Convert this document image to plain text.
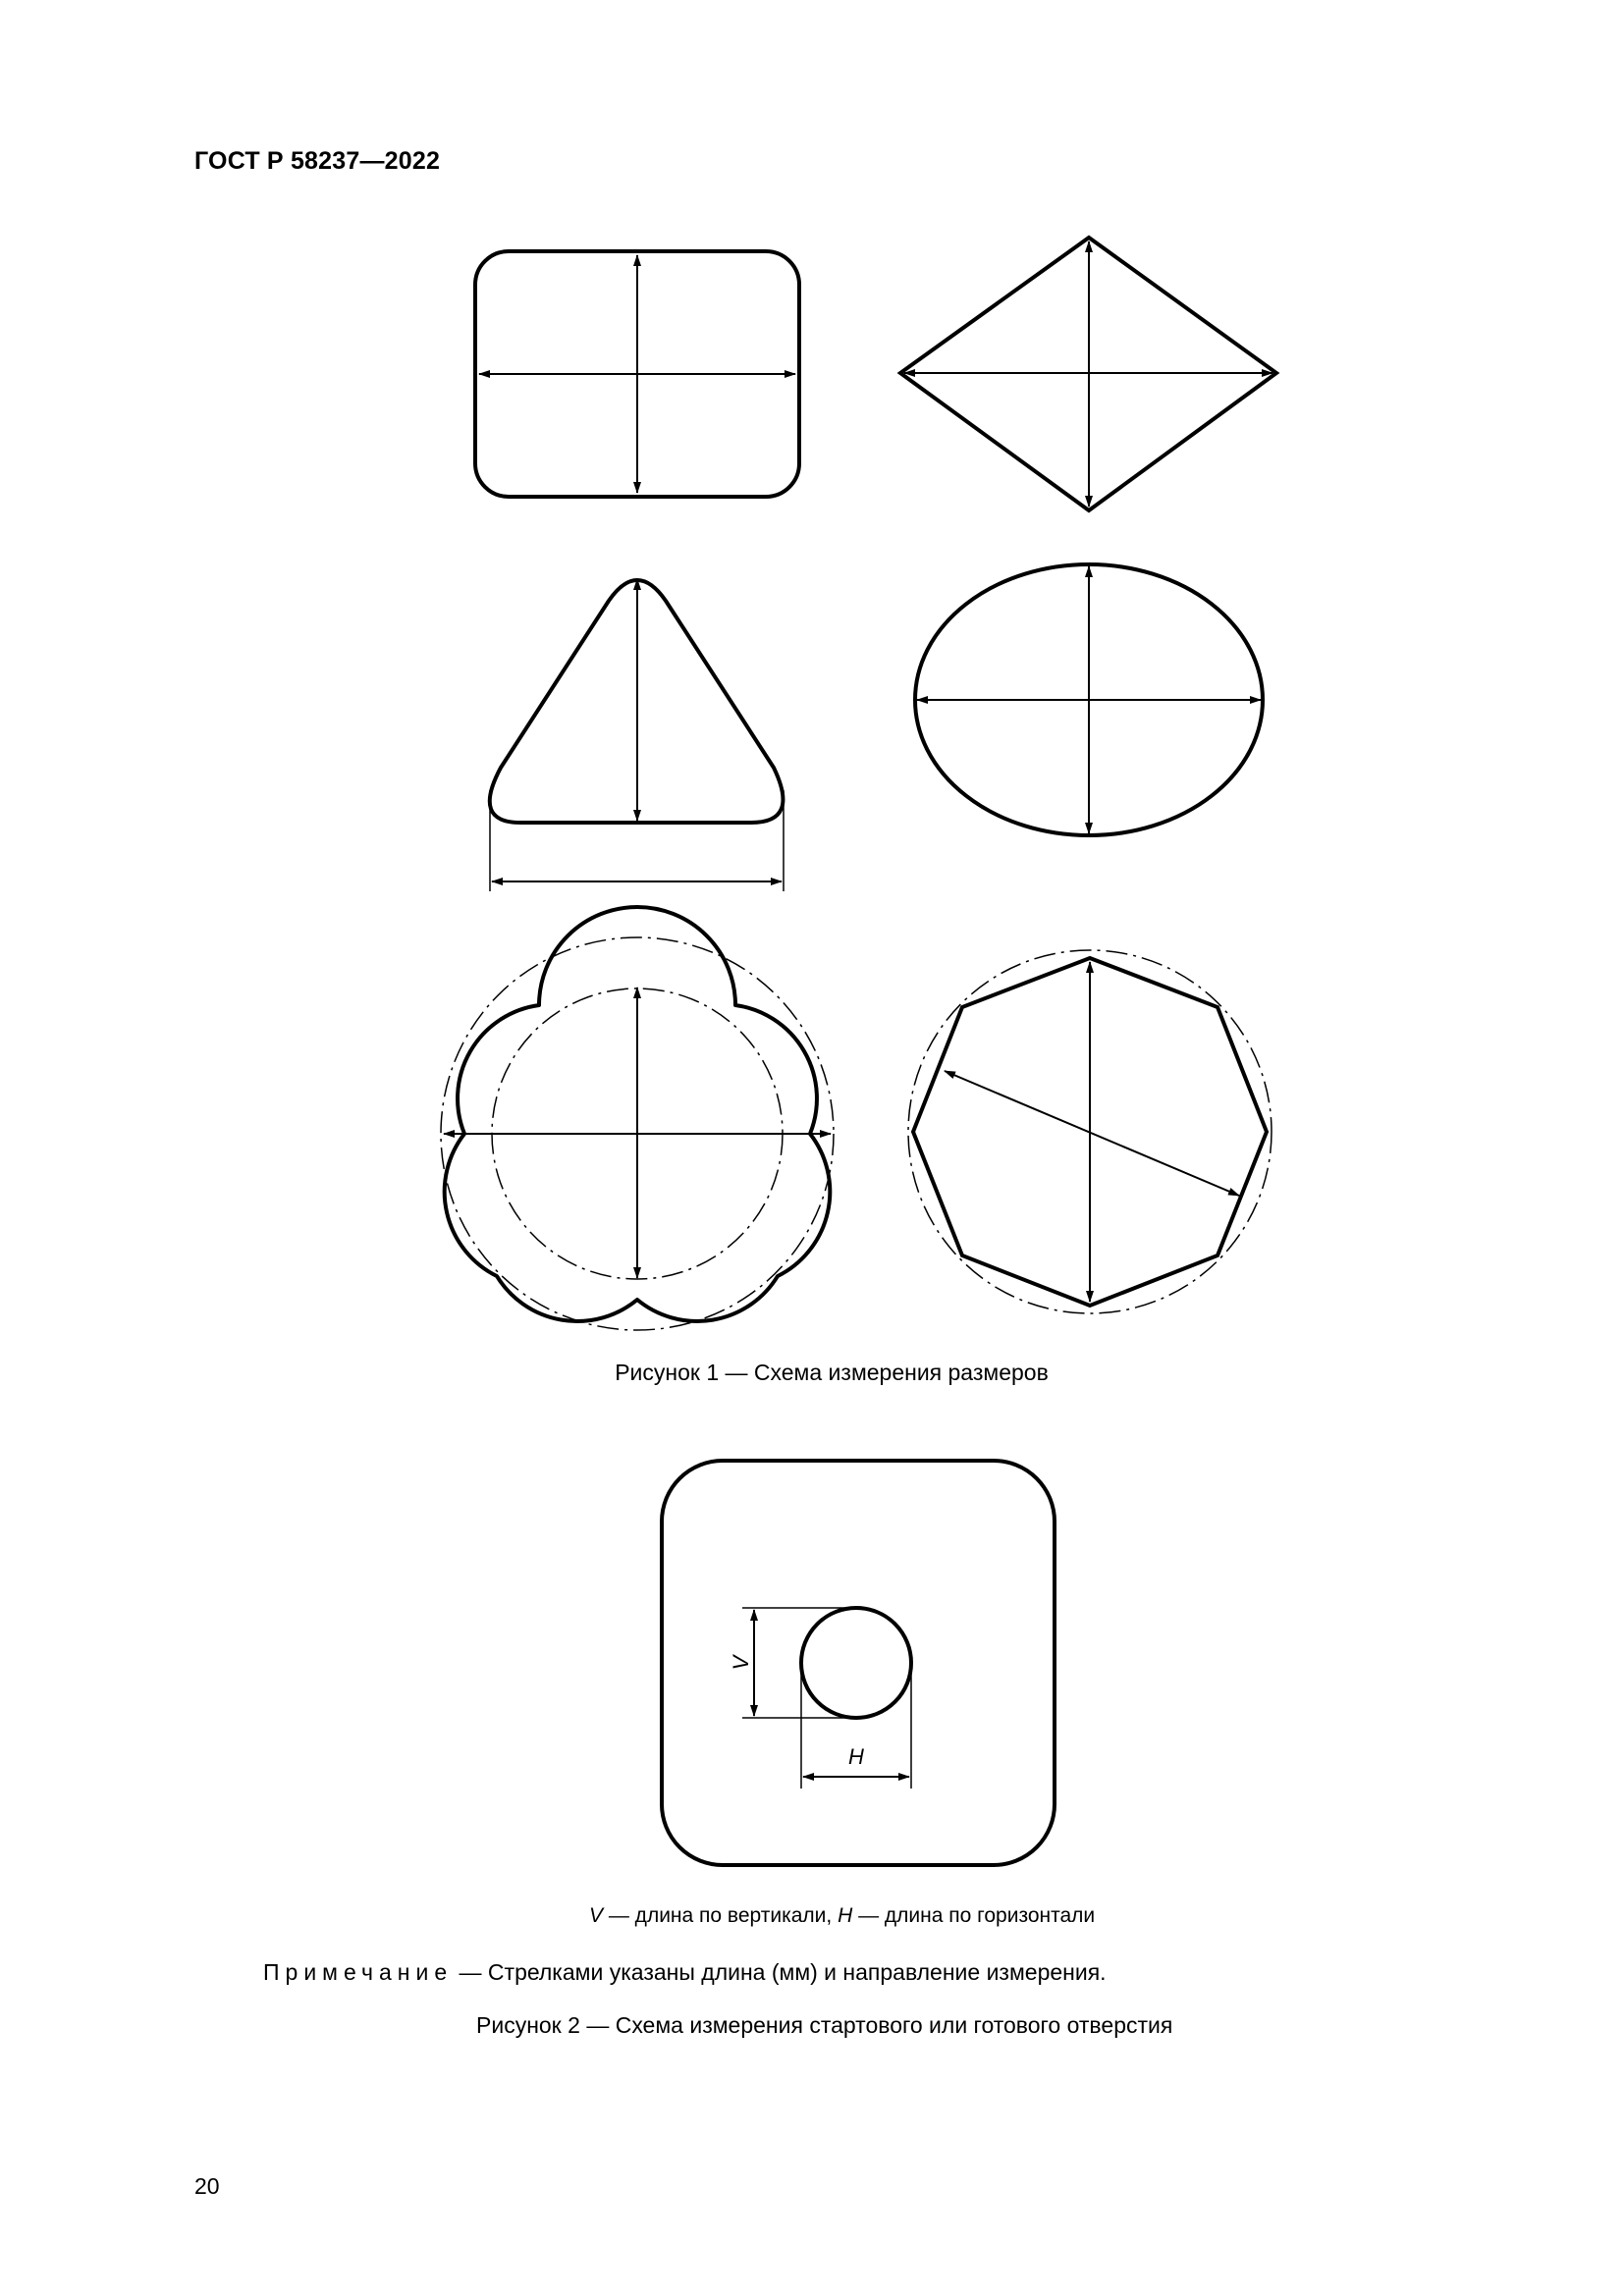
ГОСТ Р 58237—2022
Рисунок 1 — Схема измерения размеров
V
H
V — длина по вертикали, H — длина по горизонтали
Примечание — Стрелками указаны длина (мм) и направление измерения.
Рисунок 2 — Схема измерения стартового или готового отверстия
20
